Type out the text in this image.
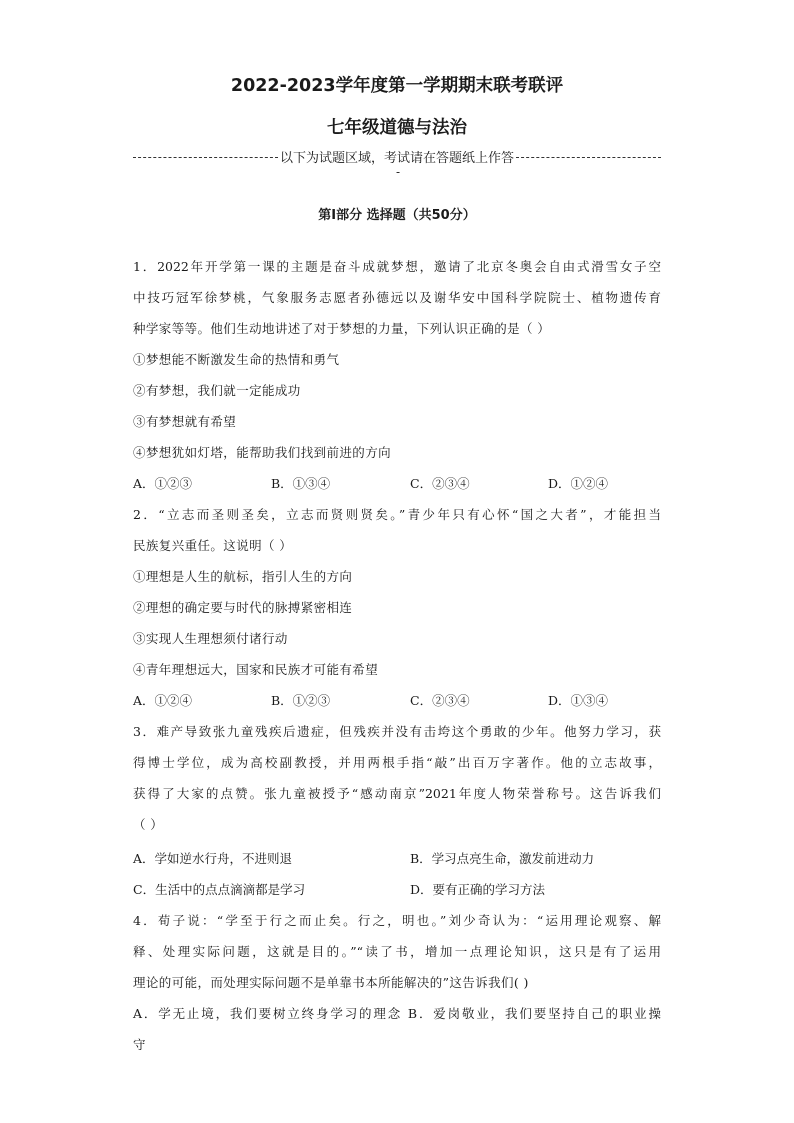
2022-2023学年度第一学期期末联考联评
七年级道德与法治
以下为试题区域，考试请在答题纸上作答
-
第Ⅰ部分 选择题（共50分）
1．2022年开学第一课的主题是奋斗成就梦想，邀请了北京冬奥会自由式滑雪女子空
中技巧冠军徐梦桃，气象服务志愿者孙德远以及谢华安中国科学院院士、植物遗传育
种学家等等。他们生动地讲述了对于梦想的力量，下列认识正确的是（ ）
①梦想能不断激发生命的热情和勇气
②有梦想，我们就一定能成功
③有梦想就有希望
④梦想犹如灯塔，能帮助我们找到前进的方向
A．①②③	B．①③④	C．②③④	D．①②④
2．“立志而圣则圣矣，立志而贤则贤矣。”青少年只有心怀“国之大者”，才能担当
民族复兴重任。这说明（ ）
①理想是人生的航标，指引人生的方向
②理想的确定要与时代的脉搏紧密相连
③实现人生理想须付诸行动
④青年理想远大，国家和民族才可能有希望
A．①②④	B．①②③	C．②③④	D．①③④
3．难产导致张九童残疾后遗症，但残疾并没有击垮这个勇敢的少年。他努力学习，获
得博士学位，成为高校副教授，并用两根手指“敲”出百万字著作。他的立志故事，
获得了大家的点赞。张九童被授予“感动南京”2021年度人物荣誉称号。这告诉我们
（ ）
A．学如逆水行舟，不进则退	B．学习点亮生命，激发前进动力
C．生活中的点点滴滴都是学习	D．要有正确的学习方法
4．荀子说：“学至于行之而止矣。行之，明也。”刘少奇认为：“运用理论观察、解
释、处理实际问题，这就是目的。”“读了书，增加一点理论知识，这只是有了运用
理论的可能，而处理实际问题不是单靠书本所能解决的”这告诉我们( )
A．学无止境，我们要树立终身学习的理念 B．爱岗敬业，我们要坚持自己的职业操
守
